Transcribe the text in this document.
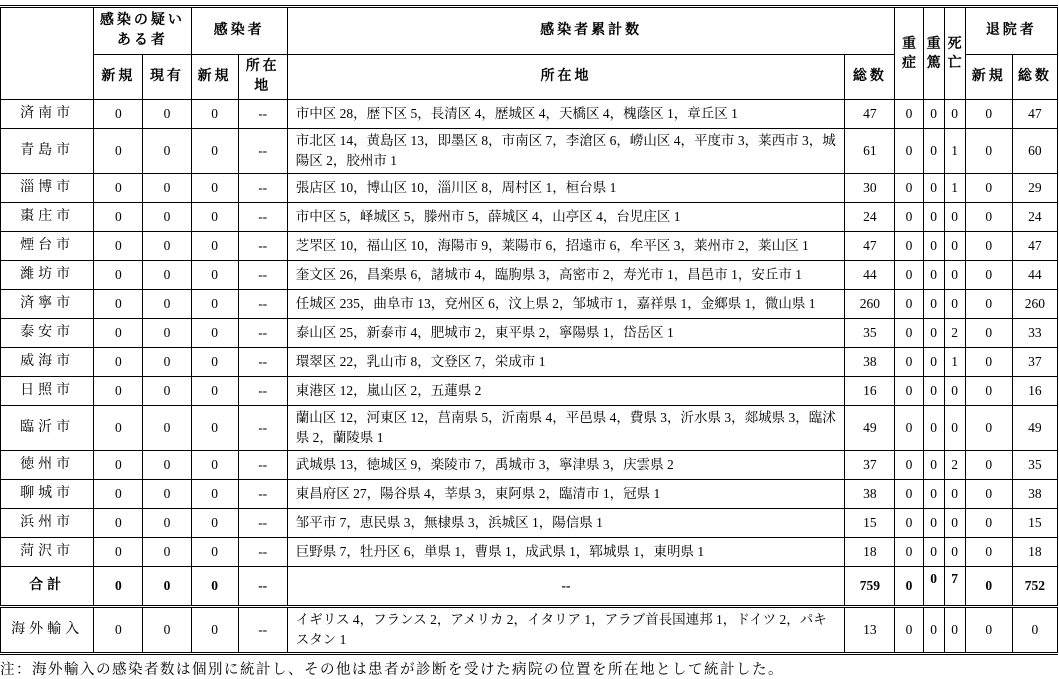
	感染の疑いある者		感染者		感染者累計数		重症	重篤	死亡	退院者	
	新規	現有	新規	所在地	所在地	総数				新規	総数
済南市	0	0	0	--	市中区 28，歴下区 5，長清区 4，歴城区 4，天橋区 4，槐蔭区 1，章丘区 1	47	0	0	0	0	47
青島市	0	0	0	--	市北区 14，黄島区 13，即墨区 8，市南区 7，李滄区 6，嶗山区 4，平度市 3，莱西市 3，城陽区 2，胶州市 1	61	0	0	1	0	60
淄博市	0	0	0	--	張店区 10，博山区 10，淄川区 8，周村区 1，桓台県 1	30	0	0	1	0	29
棗庄市	0	0	0	--	市中区 5，峄城区 5，滕州市 5，薛城区 4，山亭区 4，台児庄区 1	24	0	0	0	0	24
煙台市	0	0	0	--	芝罘区 10，福山区 10，海陽市 9，莱陽市 6，招遠市 6，牟平区 3，莱州市 2，莱山区 1	47	0	0	0	0	47
濰坊市	0	0	0	--	奎文区 26，昌楽県 6，諸城市 4，臨朐県 3，高密市 2，寿光市 1，昌邑市 1，安丘市 1	44	0	0	0	0	44
済寧市	0	0	0	--	任城区 235，曲阜市 13，兗州区 6，汶上県 2，邹城市 1，嘉祥県 1，金鄉県 1，微山県 1	260	0	0	0	0	260
泰安市	0	0	0	--	泰山区 25，新泰市 4，肥城市 2，東平県 2，寧陽県 1，岱岳区 1	35	0	0	2	0	33
威海市	0	0	0	--	環翠区 22，乳山市 8，文登区 7，栄成市 1	38	0	0	1	0	37
日照市	0	0	0	--	東港区 12，嵐山区 2，五蓮県 2	16	0	0	0	0	16
臨沂市	0	0	0	--	蘭山区 12，河東区 12，莒南県 5，沂南県 4，平邑県 4，費県 3，沂水県 3，郯城県 3，臨沭県 2，蘭陵県 1	49	0	0	0	0	49
徳州市	0	0	0	--	武城県 13，徳城区 9，楽陵市 7，禹城市 3，寧津県 3，庆雲県 2	37	0	0	2	0	35
聊城市	0	0	0	--	東昌府区 27，陽谷県 4，莘県 3，東阿県 2，臨清市 1，冠県 1	38	0	0	0	0	38
浜州市	0	0	0	--	邹平市 7，恵民県 3，無棣県 3，浜城区 1，陽信県 1	15	0	0	0	0	15
菏沢市	0	0	0	--	巨野県 7，牡丹区 6，単県 1，曹県 1，成武県 1，郓城県 1，東明県 1	18	0	0	0	0	18
合計	0	0	0	--	--	759	0	0	7	0	752
海外輸入	0	0	0	--	イギリス 4，フランス 2，アメリカ 2，イタリア 1，アラブ首長国連邦 1，ドイツ 2，パキスタン 1	13	0	0	0	0	0
注：海外輸入の感染者数は個別に統計し、その他は患者が診断を受けた病院の位置を所在地として統計した。
